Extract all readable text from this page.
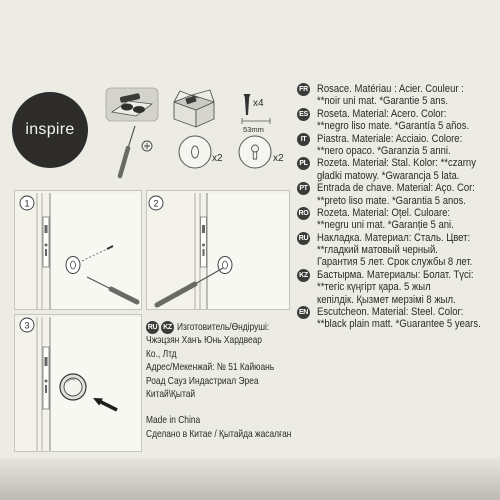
inspire
x4
53mm
x2	x2
1	2
3	RU KZ Изготовитель/Өндіруші:
Чжэцзян Ханъ Юнь Хардвеар
Ко., Лтд
Адрес/Мекенжай: № 51 Кайюань
Роад Сауз Индастриал Эреа
Китай\Қытай
Made in China
Сделано в Китае / Қытайда жасалған
FR Rosace. Matériau : Acier. Couleur :
**noir uni mat. *Garantie 5 ans.
ES Roseta. Material: Acero. Color:
**negro liso mate. *Garantía 5 años.
IT Piastra. Materiale: Acciaio. Colore:
**nero opaco. *Garanzia 5 anni.
PL Rozeta. Materiał: Stal. Kolor: **czarny
gładki matowy. *Gwarancja 5 lata.
PT Entrada de chave. Material: Aço. Cor:
**preto liso mate. *Garantia 5 anos.
RO Rozeta. Material: Oțel. Culoare:
**negru uni mat. *Garanție 5 ani.
RU Накладка. Материал: Сталь. Цвет:
**гладкий матовый черный.
Гарантия 5 лет. Срок службы 8 лет.
KZ Бастырма. Материалы: Болат. Түсі:
**тегіс күңгірт қара. 5 жыл
кепілдік. Қызмет мерзімі 8 жыл.
EN Escutcheon. Material: Steel. Color:
**black plain matt. *Guarantee 5 years.
